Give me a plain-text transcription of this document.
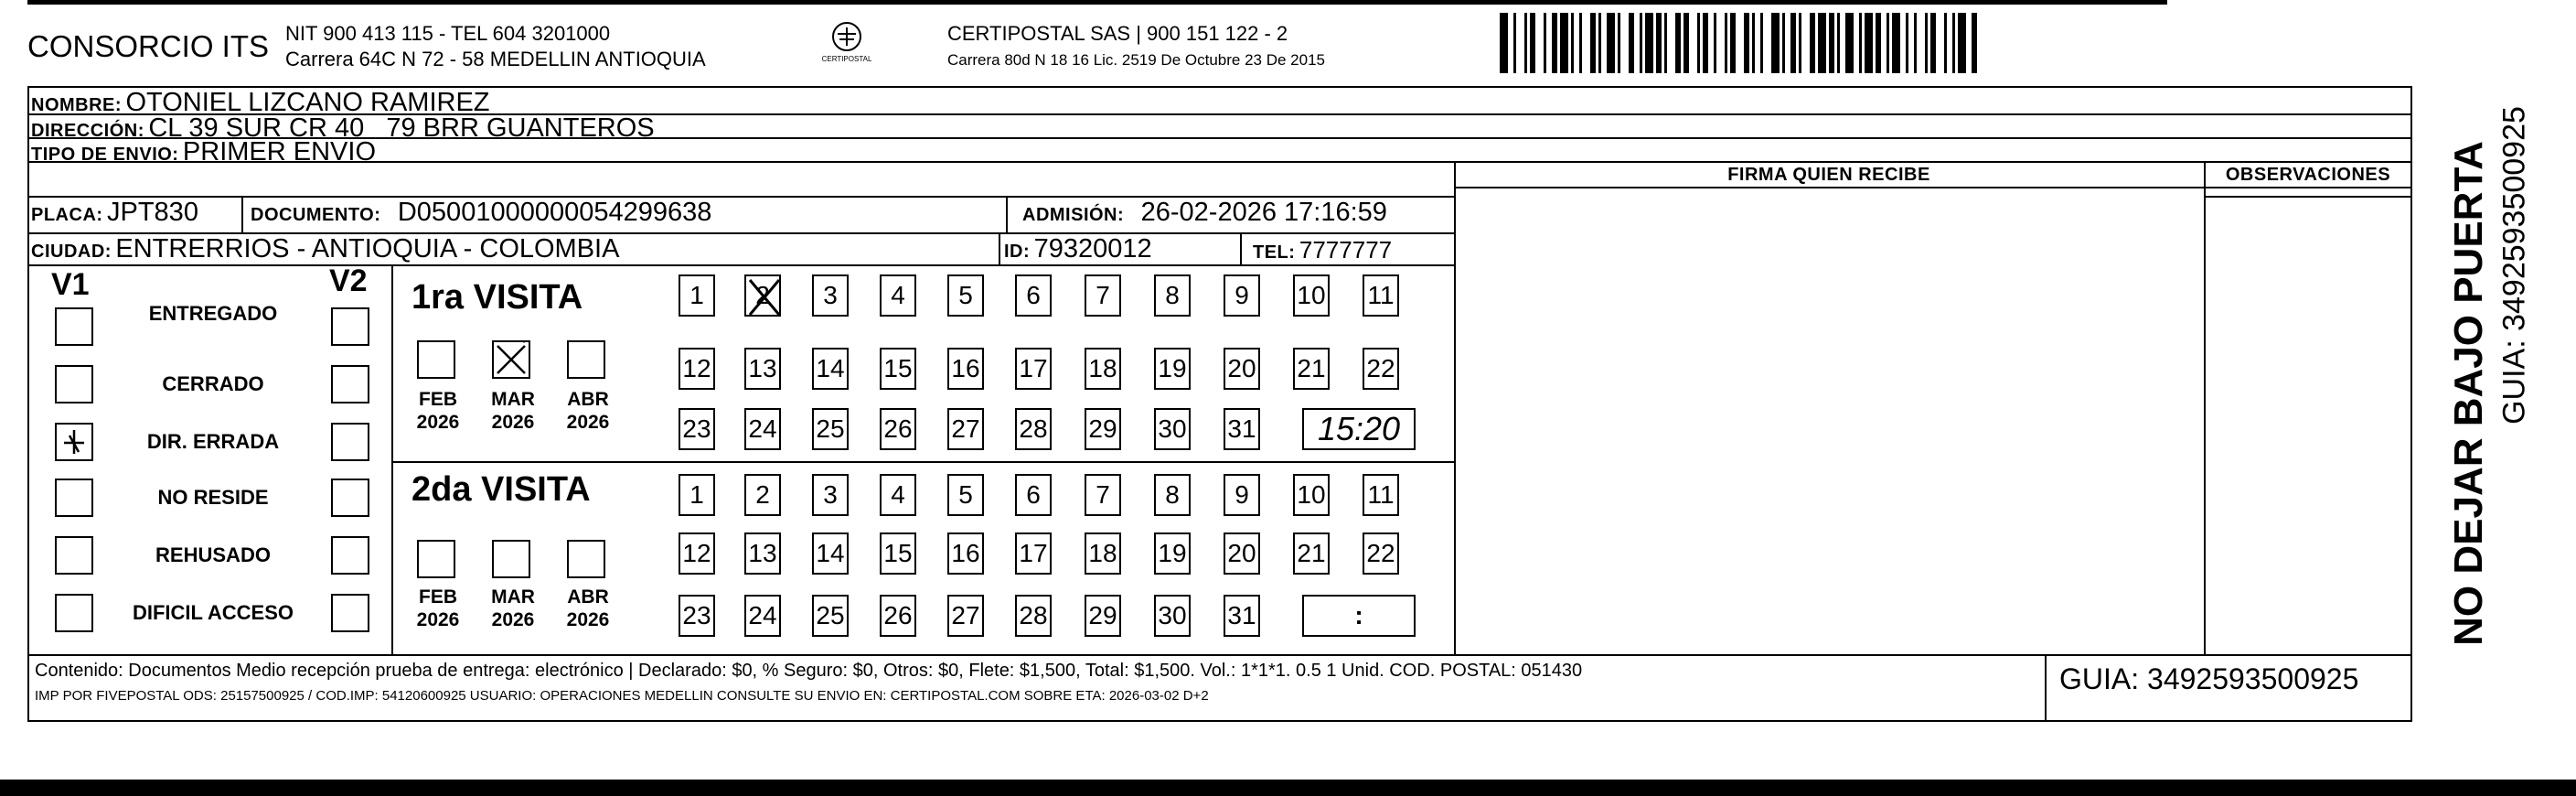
CONSORCIO ITS NIT 900 413 115 - TEL 604 3201000
Carrera 64C N 72 - 58 MEDELLIN ANTIOQUIA	CERTIPOSTAL
CERTIPOSTAL SAS | 900 151 122 - 2
Carrera 80d N 18 16 Lic. 2519 De Octubre 23 De 2015
NOMBRE: OTONIEL LIZCANO RAMIREZ
DIRECCIÓN: CL 39 SUR CR 40   79 BRR GUANTEROS
TIPO DE ENVIO: PRIMER ENVIO
FIRMA QUIEN RECIBE	OBSERVACIONES
PLACA: JPT830	DOCUMENTO: D05001000000054299638	ADMISIÓN: 26-02-2026 17:16:59
CIUDAD: ENTRERRIOS - ANTIOQUIA - COLOMBIA	ID: 79320012	TEL: 7777777
V1	V2
ENTREGADO
CERRADO
DIR. ERRADA
NO RESIDE
REHUSADO
DIFICIL ACCESO
1ra VISITA
FEB
2026
MAR
2026
ABR
2026
1	2	3	4	5	6	7	8	9	10 11
12 13 14 15 16 17 18 19 20 21 22
23 24 25 26 27 28 29 30 31	15:20
2da VISITA
FEB
2026
MAR
2026
ABR
2026
1	2	3	4	5	6	7	8	9	10 11
12 13 14 15 16 17 18 19 20 21 22
23 24 25 26 27 28 29 30 31	:
Contenido: Documentos Medio recepción prueba de entrega: electrónico | Declarado: $0, % Seguro: $0, Otros: $0, Flete: $1,500, Total: $1,500. Vol.: 1*1*1. 0.5 1 Unid. COD. POSTAL: 051430
IMP POR FIVEPOSTAL ODS: 25157500925 / COD.IMP: 54120600925 USUARIO: OPERACIONES MEDELLIN CONSULTE SU ENVIO EN: CERTIPOSTAL.COM SOBRE ETA: 2026-03-02 D+2
GUIA: 3492593500925
NO DEJAR BAJO PUERTA GUIA: 3492593500925
